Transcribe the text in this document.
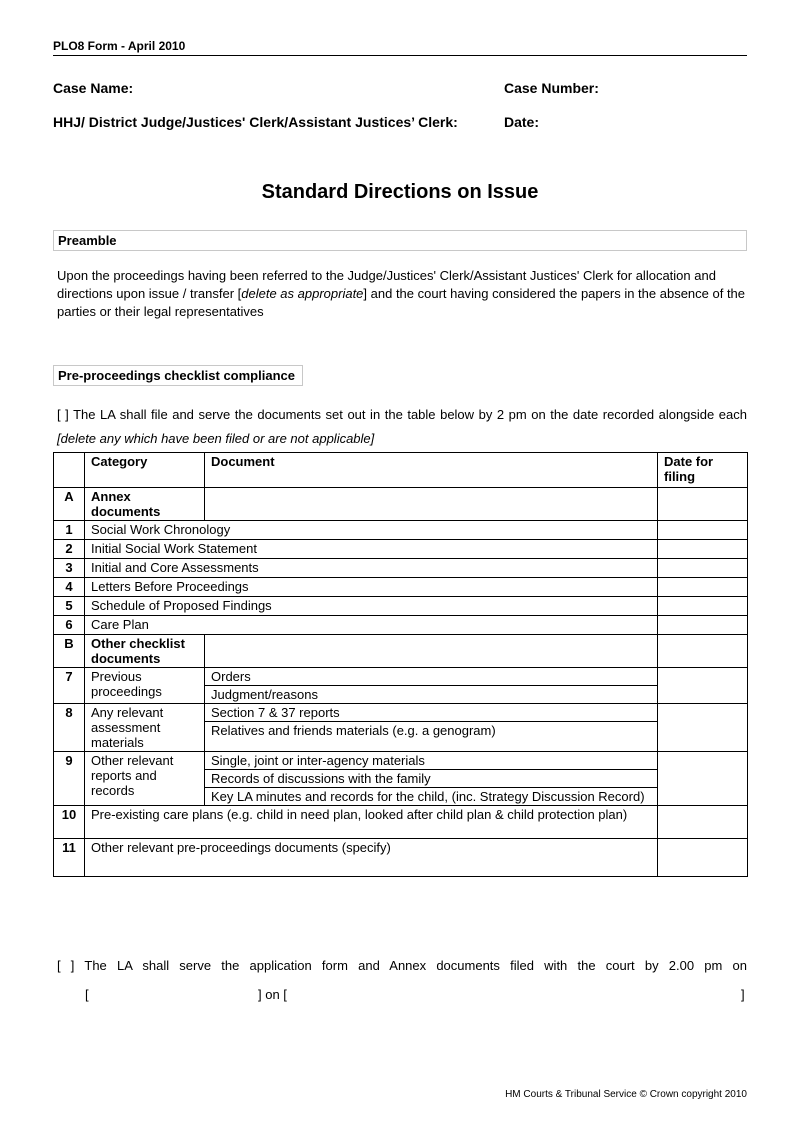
PLO8 Form - April 2010
Case Name:	Case Number:
HHJ/ District Judge/Justices' Clerk/Assistant Justices’ Clerk:	Date:
Standard Directions on Issue
Preamble
Upon the proceedings having been referred to the Judge/Justices' Clerk/Assistant Justices' Clerk for allocation and directions upon issue / transfer [delete as appropriate] and the court having considered the papers in the absence of the parties or their legal representatives
Pre-proceedings checklist compliance
[ ] The LA shall file and serve the documents set out in the table below by 2 pm on the date recorded alongside each [delete any which have been filed or are not applicable]
	Category	Document	Date for filing
A	Annex documents		
1	Social Work Chronology		
2	Initial Social Work Statement		
3	Initial and Core Assessments		
4	Letters Before Proceedings		
5	Schedule of Proposed Findings		
6	Care Plan		
B	Other checklist documents		
7	Previous proceedings	Orders
Judgment/reasons	

8	Any relevant assessment materials	Section 7 & 37 reports
Relatives and friends materials (e.g. a genogram)	

9	Other relevant reports and records	Single, joint or inter-agency materials
Records of discussions with the family
Key LA minutes and records for the child, (inc. Strategy Discussion Record)	

10	Pre-existing care plans (e.g. child in need plan, looked after child plan & child protection plan)		
11	Other relevant pre-proceedings documents (specify)		
[ ] The LA shall serve the application form and Annex documents filed with the court by 2.00 pm on
[	] on [	]
HM Courts & Tribunal Service © Crown copyright 2010
